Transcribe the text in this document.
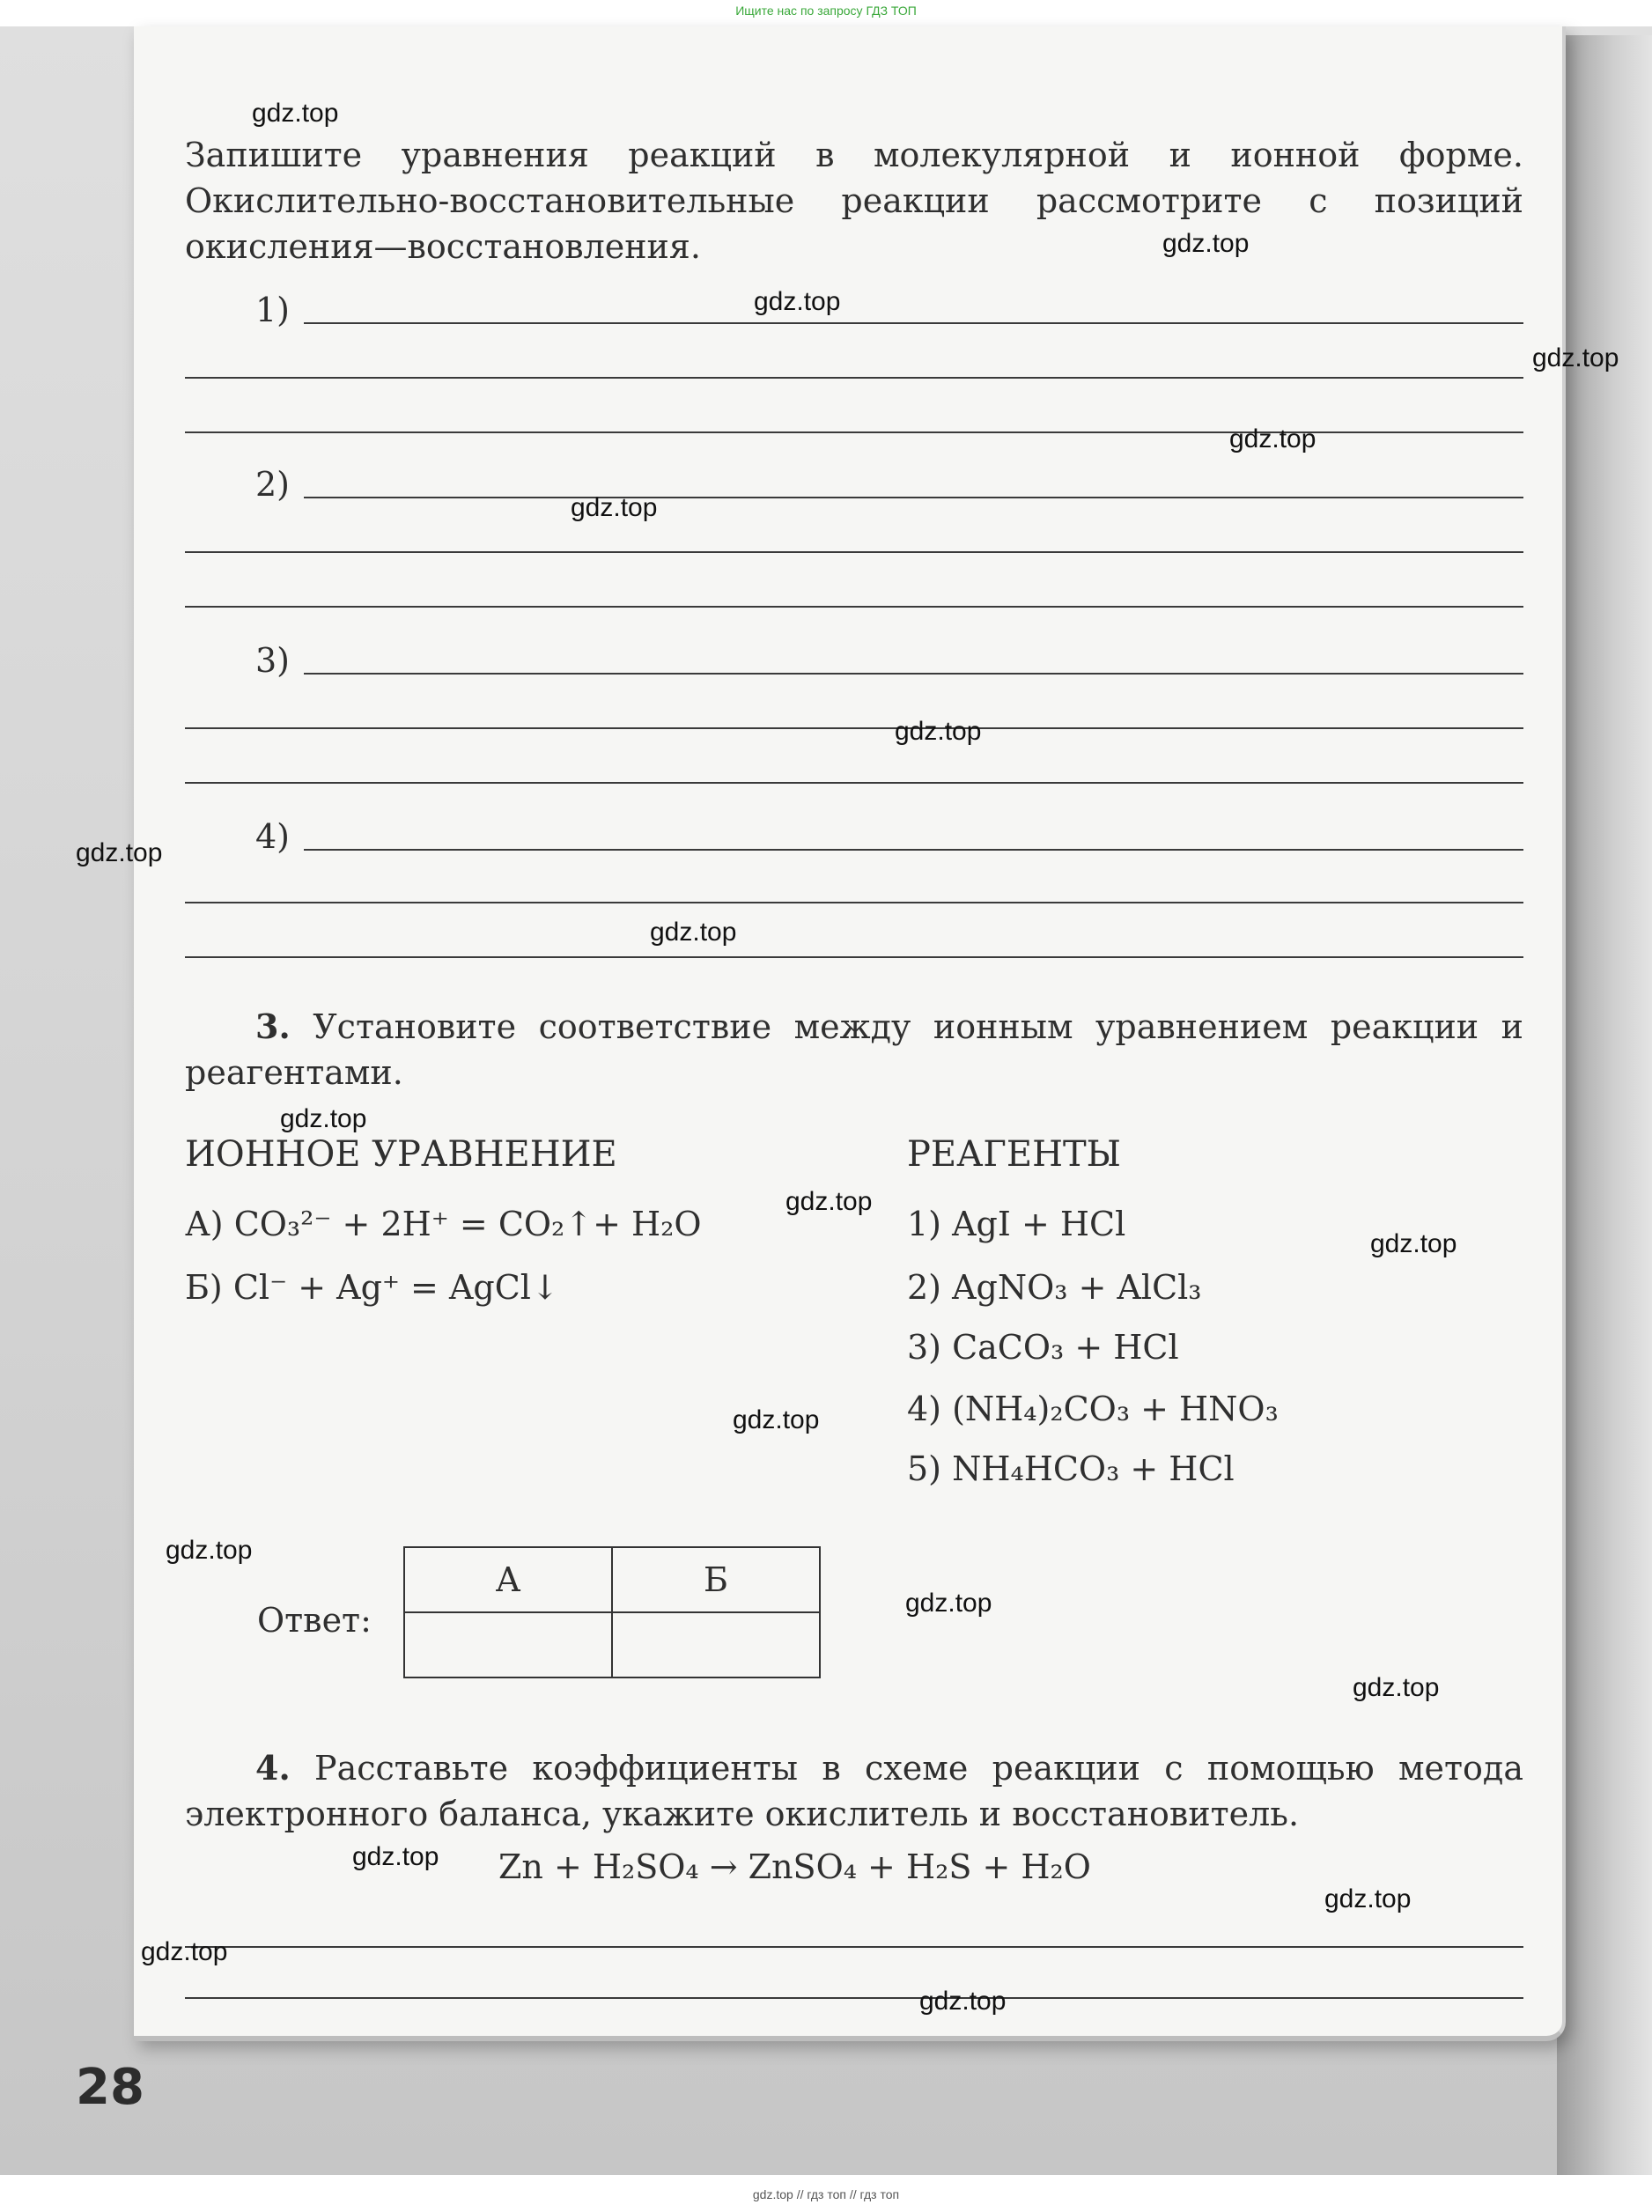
Ищите нас по запросу ГДЗ ТОП
Запишите уравнения реакций в молекулярной и ионной форме. Окислительно-восстановительные реакции рассмотрите с позиций окисления—восстановления.
1)
2)
3)
4)
3. Установите соответствие между ионным уравнением реакции и реагентами.
ИОННОЕ УРАВНЕНИЕ	РЕАГЕНТЫ
А) CO₃²⁻ + 2H⁺ = CO₂↑+ H₂O
Б) Cl⁻ + Ag⁺ = AgCl↓
1) AgI + HCl
2) AgNO₃ + AlCl₃
3) CaCO₃ + HCl
4) (NH₄)₂CO₃ + HNO₃
5) NH₄HCO₃ + HCl
Ответ:
А	Б

4. Расставьте коэффициенты в схеме реакции с помощью метода электронного баланса, укажите окислитель и восстановитель.
Zn + H₂SO₄ → ZnSO₄ + H₂S + H₂O
28
gdz.top
gdz.top
gdz.top
gdz.top
gdz.top
gdz.top
gdz.top
gdz.top
gdz.top
gdz.top
gdz.top
gdz.top
gdz.top
gdz.top
gdz.top
gdz.top
gdz.top
gdz.top
gdz.top
gdz.top
gdz.top // гдз топ // гдз топ
